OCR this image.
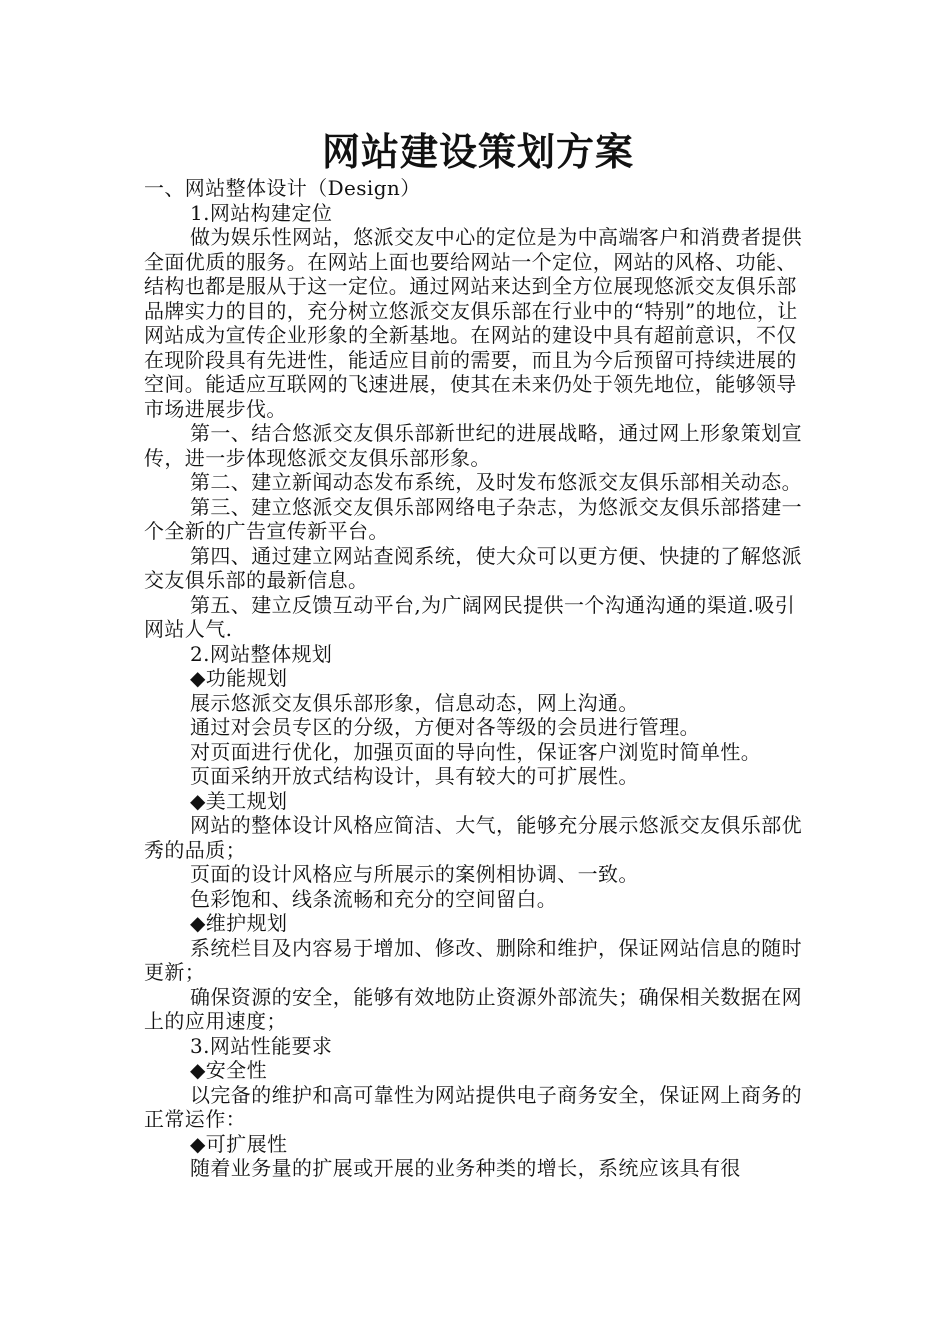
网站建设策划方案

一、网站整体设计（Design）

1.网站构建定位

做为娱乐性网站，悠派交友中心的定位是为中高端客户和消费者提供全面优质的服务。在网站上面也要给网站一个定位，网站的风格、功能、结构也都是服从于这一定位。通过网站来达到全方位展现悠派交友俱乐部品牌实力的目的，充分树立悠派交友俱乐部在行业中的“特别”的地位，让网站成为宣传企业形象的全新基地。在网站的建设中具有超前意识，不仅在现阶段具有先进性，能适应目前的需要，而且为今后预留可持续进展的空间。能适应互联网的飞速进展，使其在未来仍处于领先地位，能够领导市场进展步伐。

第一、结合悠派交友俱乐部新世纪的进展战略，通过网上形象策划宣传，进一步体现悠派交友俱乐部形象。

第二、建立新闻动态发布系统，及时发布悠派交友俱乐部相关动态。

第三、建立悠派交友俱乐部网络电子杂志，为悠派交友俱乐部搭建一个全新的广告宣传新平台。

第四、通过建立网站查阅系统，使大众可以更方便、快捷的了解悠派交友俱乐部的最新信息。

第五、建立反馈互动平台,为广阔网民提供一个沟通沟通的渠道.吸引网站人气.

2.网站整体规划

◆功能规划

展示悠派交友俱乐部形象，信息动态，网上沟通。

通过对会员专区的分级，方便对各等级的会员进行管理。

对页面进行优化，加强页面的导向性，保证客户浏览时简单性。

页面采纳开放式结构设计，具有较大的可扩展性。

◆美工规划

网站的整体设计风格应简洁、大气，能够充分展示悠派交友俱乐部优秀的品质；

页面的设计风格应与所展示的案例相协调、一致。

色彩饱和、线条流畅和充分的空间留白。

◆维护规划

系统栏目及内容易于增加、修改、删除和维护，保证网站信息的随时更新；

确保资源的安全，能够有效地防止资源外部流失；确保相关数据在网上的应用速度；

3.网站性能要求

◆安全性

以完备的维护和高可靠性为网站提供电子商务安全，保证网上商务的正常运作：

◆可扩展性

随着业务量的扩展或开展的业务种类的增长，系统应该具有很
